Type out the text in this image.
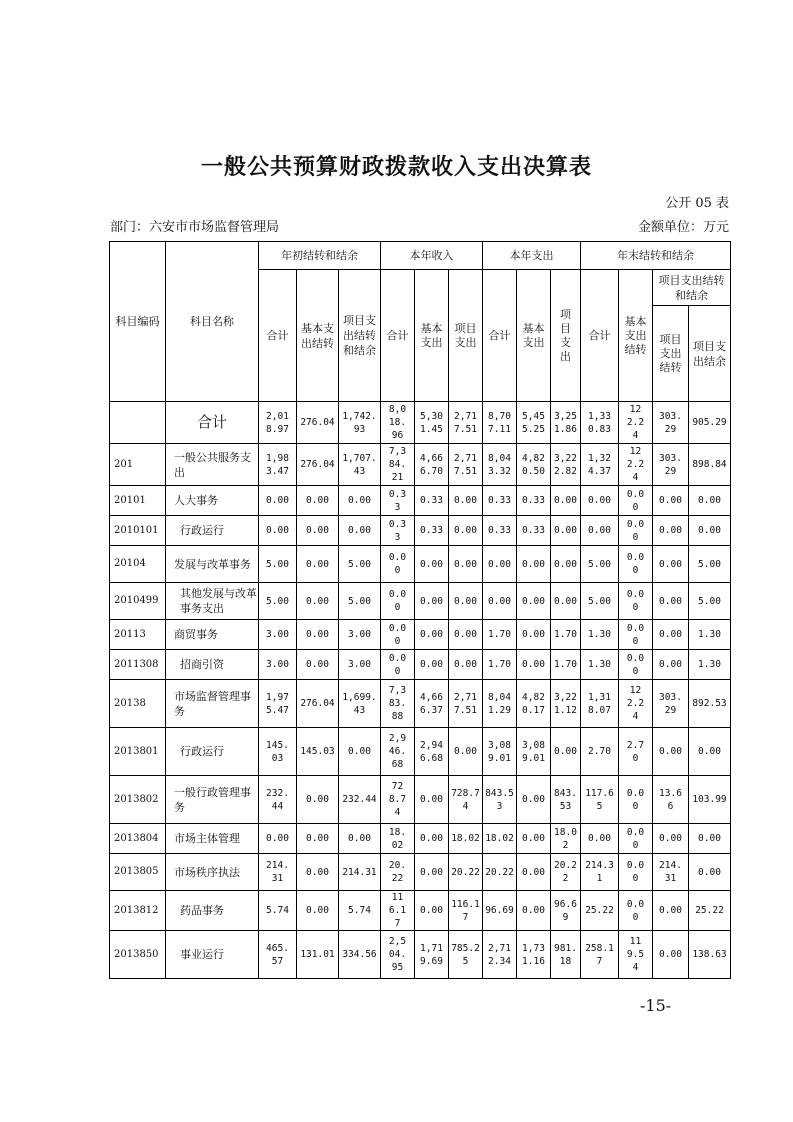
一般公共预算财政拨款收入支出决算表
公开 05 表
部门：六安市市场监督管理局	金额单位：万元
科目编码	科目名称	年初结转和结余			本年收入			本年支出			年末结转和结余			
		合计	基本支出结转	项目支出结转和结余	合计	基本支出	项目支出	合计	基本支出	项目支出	合计	基本支出结转	项目支出结转和结余	
													项目支出结转	项目支出结余
	合计	2,018.97	276.04	1,742.93	8,018.96	5,301.45	2,717.51	8,707.11	5,455.25	3,251.86	1,330.83	122.24	303.29	905.29
201	一般公共服务支出	1,983.47	276.04	1,707.43	7,384.21	4,666.70	2,717.51	8,043.32	4,820.50	3,222.82	1,324.37	122.24	303.29	898.84
20101	人大事务	0.00	0.00	0.00	0.33	0.33	0.00	0.33	0.33	0.00	0.00	0.00	0.00	0.00
2010101	行政运行	0.00	0.00	0.00	0.33	0.33	0.00	0.33	0.33	0.00	0.00	0.00	0.00	0.00
20104	发展与改革事务	5.00	0.00	5.00	0.00	0.00	0.00	0.00	0.00	0.00	5.00	0.00	0.00	5.00
2010499	其他发展与改革事务支出	5.00	0.00	5.00	0.00	0.00	0.00	0.00	0.00	0.00	5.00	0.00	0.00	5.00
20113	商贸事务	3.00	0.00	3.00	0.00	0.00	0.00	1.70	0.00	1.70	1.30	0.00	0.00	1.30
2011308	招商引资	3.00	0.00	3.00	0.00	0.00	0.00	1.70	0.00	1.70	1.30	0.00	0.00	1.30
20138	市场监督管理事务	1,975.47	276.04	1,699.43	7,383.88	4,666.37	2,717.51	8,041.29	4,820.17	3,221.12	1,318.07	122.24	303.29	892.53
2013801	行政运行	145.03	145.03	0.00	2,946.68	2,946.68	0.00	3,089.01	3,089.01	0.00	2.70	2.70	0.00	0.00
2013802	一般行政管理事务	232.44	0.00	232.44	728.74	0.00	728.74	843.53	0.00	843.53	117.65	0.00	13.66	103.99
2013804	市场主体管理	0.00	0.00	0.00	18.02	0.00	18.02	18.02	0.00	18.02	0.00	0.00	0.00	0.00
2013805	市场秩序执法	214.31	0.00	214.31	20.22	0.00	20.22	20.22	0.00	20.22	214.31	0.00	214.31	0.00
2013812	药品事务	5.74	0.00	5.74	116.17	0.00	116.17	96.69	0.00	96.69	25.22	0.00	0.00	25.22
2013850	事业运行	465.57	131.01	334.56	2,504.95	1,719.69	785.25	2,712.34	1,731.16	981.18	258.17	119.54	0.00	138.63
-15-
